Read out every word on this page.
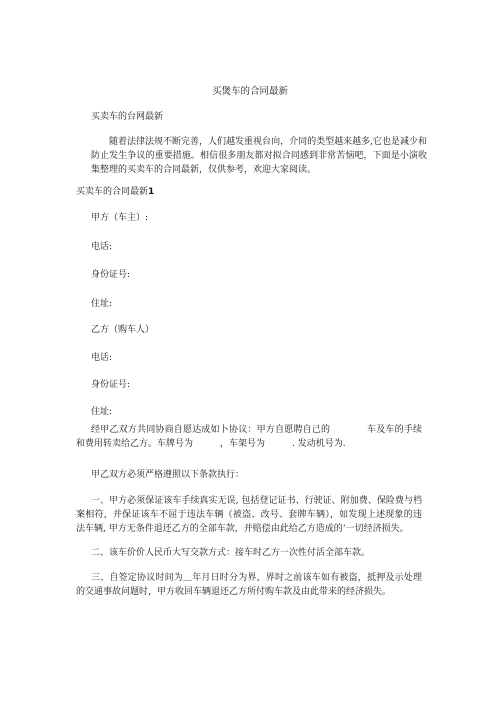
买煲车的合同最新
买卖车的台网最新

随着法律法规不断完善，人们越发重视台向，介同的类型越来越多,它也是减少和防止发生争议的重要措施。相信很多朋友都对拟合同感到非常苦恼吧，下面是小演收集整理的买卖车的合同最新，仅供参考，欢迎大家阅读。

买卖车的合同最新1
甲方（车主）:
电话:
身份证号:
住址:
乙方（购车人）
电话:
身份证号:
住址:

经甲乙双方共同协商自愿达成如卜协议：甲方自愿聘自己的　　　　车及车的手续和费用转卖给乙方。车牌号为　　　，车架号为　　　. 发动机号为.

甲乙双方必须严格遵照以下条款执行：

一、甲方必须保证该车手续真实无误, 包括登记证书、行驶证、附加费、保险费与档案相符，并保证该车不屈于违法车辆（被盗、改号、套牌车辆），如发现上述现象的违法车辆, 甲方无条件退还乙方的全部车款，并赔偿由此给乙方造成的‘一切经济损失。

二、该车价价人民币大写交款方式：接车时乙方一次性付活全部车款。

三、自签定协议时间为＿年月日时分为界，界时之前该车如有被盗，抵押及示处理的交通事故问题时，甲方收回车辆退还乙方所付购车款及由此带来的经济损失。
